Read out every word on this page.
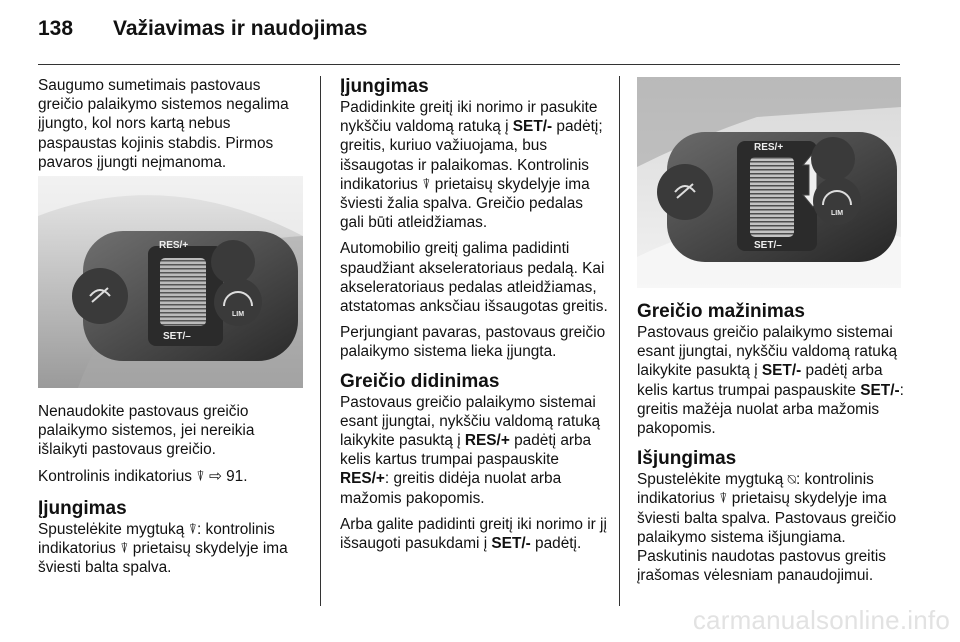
138 Važiavimas ir naudojimas

Saugumo sumetimais pastovaus greičio palaikymo sistemos negalima įjungto, kol nors kartą nebus paspaustas kojinis stabdis. Pirmos pavaros įjungti neįmanoma.

Nenaudokite pastovaus greičio palaikymo sistemos, jei nereikia išlaikyti pastovaus greičio.

Kontrolinis indikatorius ⍒ ⇨ 91.

Įjungimas

Spustelėkite mygtuką ⍒: kontrolinis indikatorius ⍒ prietaisų skydelyje ima šviesti balta spalva.

RES/+
SET/–
LIM
Įjungimas

Padidinkite greitį iki norimo ir pasukite nykščiu valdomą ratuką į SET/- padėtį; greitis, kuriuo važiuojama, bus išsaugotas ir palaikomas. Kontrolinis indikatorius ⍒ prietaisų skydelyje ima šviesti žalia spalva. Greičio pedalas gali būti atleidžiamas.

Automobilio greitį galima padidinti spaudžiant akseleratoriaus pedalą. Kai akseleratoriaus pedalas atleidžiamas, atstatomas anksčiau išsaugotas greitis.

Perjungiant pavaras, pastovaus greičio palaikymo sistema lieka įjungta.

Greičio didinimas

Pastovaus greičio palaikymo sistemai esant įjungtai, nykščiu valdomą ratuką laikykite pasuktą į RES/+ padėtį arba kelis kartus trumpai paspauskite RES/+: greitis didėja nuolat arba mažomis pakopomis.

Arba galite padidinti greitį iki norimo ir jį išsaugoti pasukdami į SET/- padėtį.

RES/+
SET/–
LIM
Greičio mažinimas

Pastovaus greičio palaikymo sistemai esant įjungtai, nykščiu valdomą ratuką laikykite pasuktą į SET/- padėtį arba kelis kartus trumpai paspauskite SET/-: greitis mažėja nuolat arba mažomis pakopomis.

Išjungimas

Spustelėkite mygtuką ⍉: kontrolinis indikatorius ⍒ prietaisų skydelyje ima šviesti balta spalva. Pastovaus greičio palaikymo sistema išjungiama. Paskutinis naudotas pastovus greitis įrašomas vėlesniam panaudojimui.

carmanualsonline.info
